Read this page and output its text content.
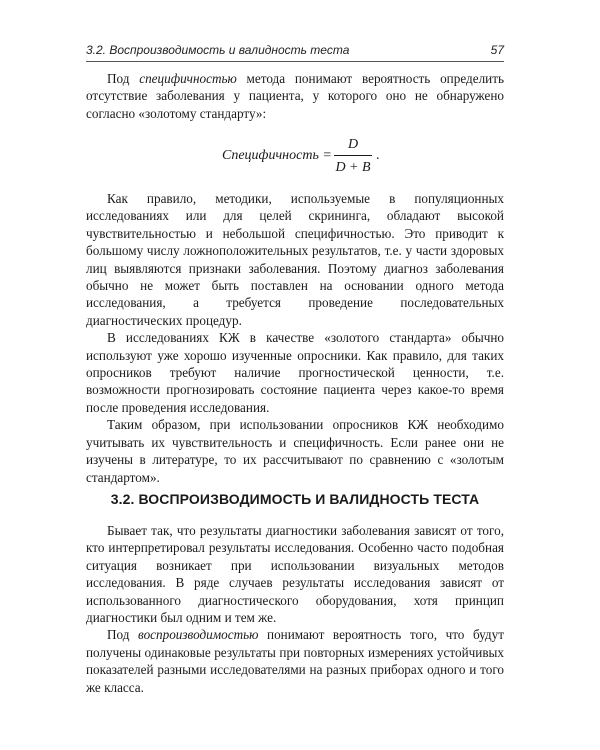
3.2. Воспроизводимость и валидность теста	57

Под специфичностью метода понимают вероятность определить отсутствие заболевания у пациента, у которого оно не обнаружено согласно «золотому стандарту»:

Специфичность =
D
D + B
.

Как правило, методики, используемые в популяционных исследованиях или для целей скрининга, обладают высокой чувствительностью и небольшой специфичностью. Это приводит к большому числу ложноположительных результатов, т.е. у части здоровых лиц выявляются признаки заболевания. Поэтому диагноз заболевания обычно не может быть поставлен на основании одного метода исследования, а требуется проведение последовательных диагностических процедур.

В исследованиях КЖ в качестве «золотого стандарта» обычно используют уже хорошо изученные опросники. Как правило, для таких опросников требуют наличие прогностической ценности, т.е. возможности прогнозировать состояние пациента через какое-то время после проведения исследования.

Таким образом, при использовании опросников КЖ необходимо учитывать их чувствительность и специфичность. Если ранее они не изучены в литературе, то их рассчитывают по сравнению с «золотым стандартом».

3.2. ВОСПРОИЗВОДИМОСТЬ И ВАЛИДНОСТЬ ТЕСТА

Бывает так, что результаты диагностики заболевания зависят от того, кто интерпретировал результаты исследования. Особенно часто подобная ситуация возникает при использовании визуальных методов исследования. В ряде случаев результаты исследования зависят от использованного диагностического оборудования, хотя принцип диагностики был одним и тем же.

Под воспроизводимостью понимают вероятность того, что будут получены одинаковые результаты при повторных измерениях устойчивых показателей разными исследователями на разных приборах одного и того же класса.
